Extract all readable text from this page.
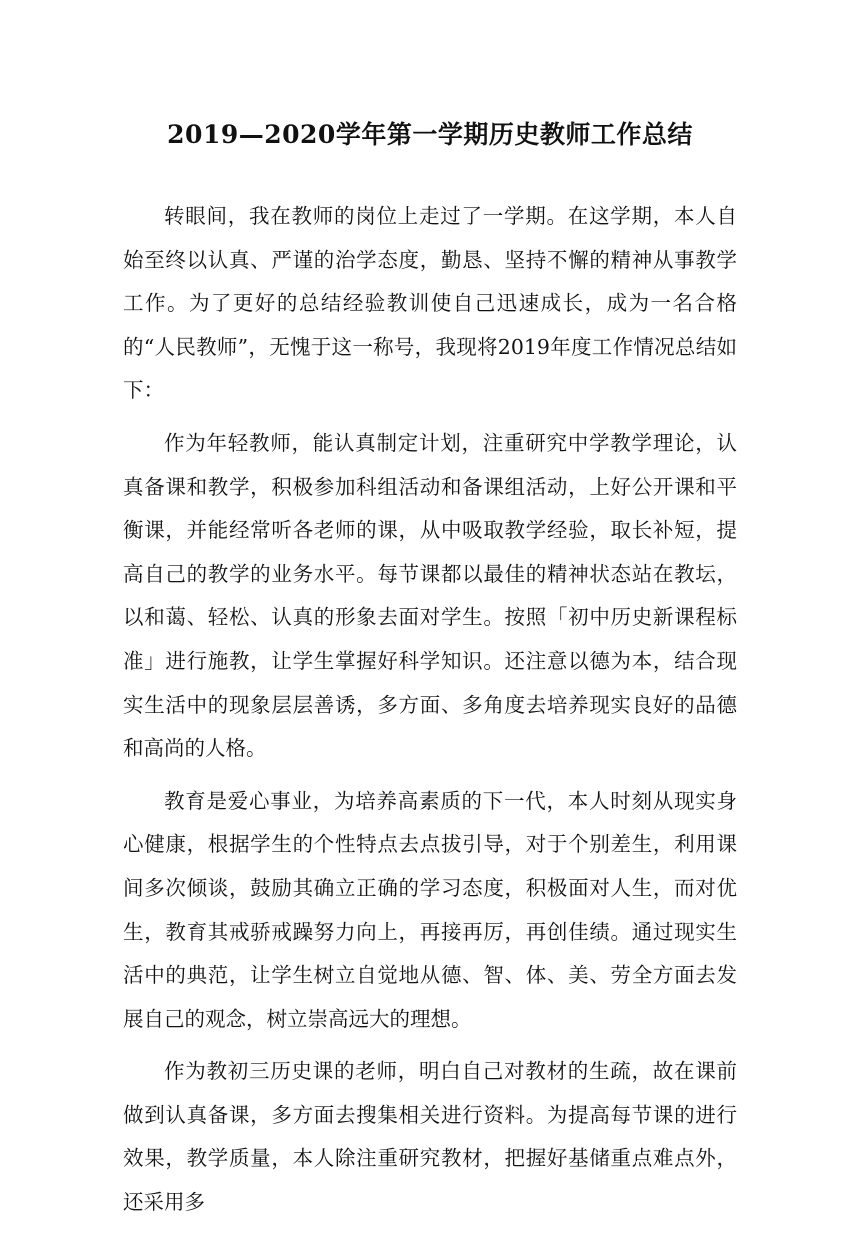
2019—2020学年第一学期历史教师工作总结

转眼间，我在教师的岗位上走过了一学期。在这学期，本人自始至终以认真、严谨的治学态度，勤恳、坚持不懈的精神从事教学工作。为了更好的总结经验教训使自己迅速成长，成为一名合格的“人民教师”，无愧于这一称号，我现将2019年度工作情况总结如下：

作为年轻教师，能认真制定计划，注重研究中学教学理论，认真备课和教学，积极参加科组活动和备课组活动，上好公开课和平衡课，并能经常听各老师的课，从中吸取教学经验，取长补短，提高自己的教学的业务水平。每节课都以最佳的精神状态站在教坛，以和蔼、轻松、认真的形象去面对学生。按照「初中历史新课程标准」进行施教，让学生掌握好科学知识。还注意以德为本，结合现实生活中的现象层层善诱，多方面、多角度去培养现实良好的品德和高尚的人格。

教育是爱心事业，为培养高素质的下一代，本人时刻从现实身心健康，根据学生的个性特点去点拔引导，对于个别差生，利用课间多次倾谈，鼓励其确立正确的学习态度，积极面对人生，而对优生，教育其戒骄戒躁努力向上，再接再厉，再创佳绩。通过现实生活中的典范，让学生树立自觉地从德、智、体、美、劳全方面去发展自己的观念，树立崇高远大的理想。

作为教初三历史课的老师，明白自己对教材的生疏，故在课前做到认真备课，多方面去搜集相关进行资料。为提高每节课的进行效果，教学质量，本人除注重研究教材，把握好基储重点难点外，还采用多
